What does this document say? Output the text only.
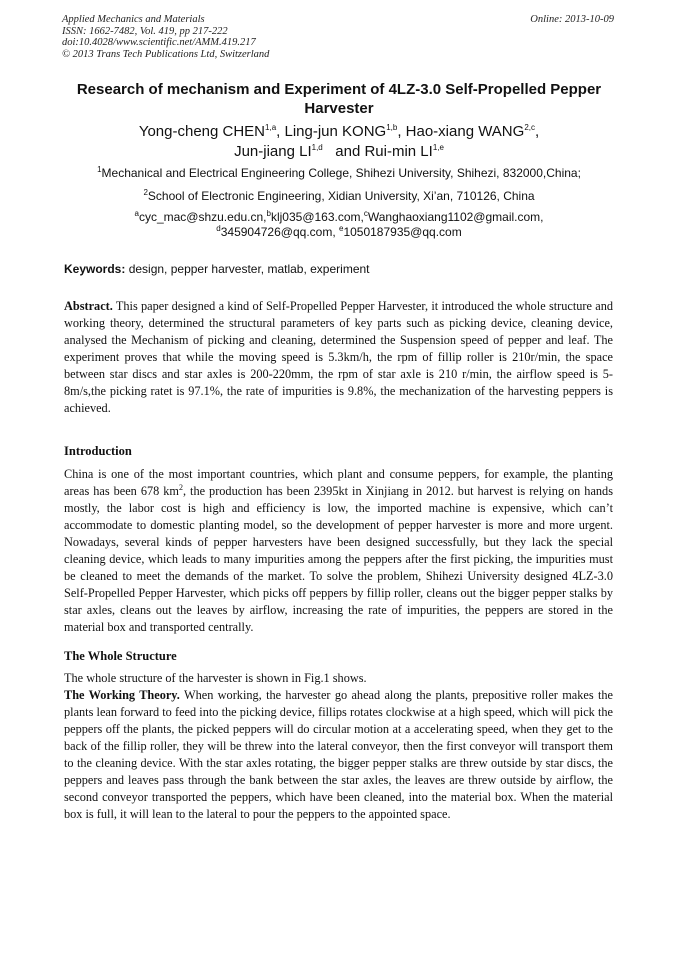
Applied Mechanics and Materials
ISSN: 1662-7482, Vol. 419, pp 217-222
doi:10.4028/www.scientific.net/AMM.419.217
© 2013 Trans Tech Publications Ltd, Switzerland
Online: 2013-10-09
Research of mechanism and Experiment of 4LZ-3.0 Self-Propelled Pepper Harvester
Yong-cheng CHEN$^{1,a}$, Ling-jun KONG$^{1,b}$, Hao-xiang WANG$^{2,c}$,
Jun-jiang LI$^{1,d}$ and Rui-min LI$^{1,e}$
$^1$Mechanical and Electrical Engineering College, Shihezi University, Shihezi, 832000,China;
$^2$School of Electronic Engineering, Xidian University, Xi’an, 710126, China
$^a$cyc_mac@shzu.edu.cn,$^b$klj035@163.com,$^c$Wanghaoxiang1102@gmail.com,
$^d$345904726@qq.com, $^e$1050187935@qq.com
Keywords: design, pepper harvester, matlab, experiment
Abstract. This paper designed a kind of Self-Propelled Pepper Harvester, it introduced the whole structure and working theory, determined the structural parameters of key parts such as picking device, cleaning device, analysed the Mechanism of picking and cleaning, determined the Suspension speed of pepper and leaf. The experiment proves that while the moving speed is 5.3km/h, the rpm of fillip roller is 210r/min, the space between star discs and star axles is 200-220mm, the rpm of star axle is 210 r/min, the airflow speed is 5-8m/s,the picking ratet is 97.1%, the rate of impurities is 9.8%, the mechanization of the harvesting peppers is achieved.
Introduction
China is one of the most important countries, which plant and consume peppers, for example, the planting areas has been 678 $km^2$, the production has been 2395kt in Xinjiang in 2012. but harvest is relying on hands mostly, the labor cost is high and efficiency is low, the imported machine is expensive, which can’t accommodate to domestic planting model, so the development of pepper harvester is more and more urgent. Nowadays, several kinds of pepper harvesters have been designed successfully, but they lack the special cleaning device, which leads to many impurities among the peppers after the first picking, the impurities must be cleaned to meet the demands of the market. To solve the problem, Shihezi University designed 4LZ-3.0 Self-Propelled Pepper Harvester, which picks off peppers by fillip roller, cleans out the bigger pepper stalks by star axles, cleans out the leaves by airflow, increasing the rate of impurities, the peppers are stored in the material box and transported centrally.
The Whole Structure
The whole structure of the harvester is shown in Fig.1 shows.
The Working Theory. When working, the harvester go ahead along the plants, prepositive roller makes the plants lean forward to feed into the picking device, fillips rotates clockwise at a high speed, which will pick the peppers off the plants, the picked peppers will do circular motion at a accelerating speed, when they get to the back of the fillip roller, they will be threw into the lateral conveyor, then the first conveyor will transport them to the cleaning device. With the star axles rotating, the bigger pepper stalks are threw outside by star discs, the peppers and leaves pass through the bank between the star axles, the leaves are threw outside by airflow, the second conveyor transported the peppers, which have been cleaned, into the material box. When the material box is full, it will lean to the lateral to pour the peppers to the appointed space.
